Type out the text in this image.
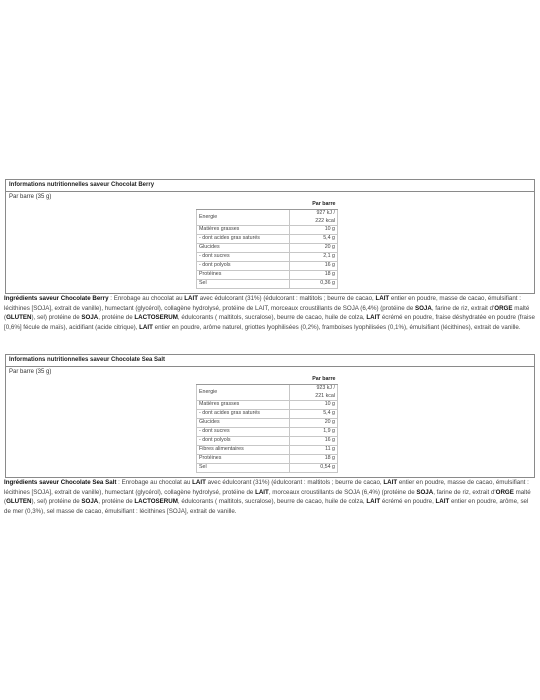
Informations nutritionnelles saveur Chocolat Berry
Par barre (35 g)
	Par barre
Energie	927 kJ /
222 kcal

Matières grasses	10 g
- dont acides gras saturés	5,4 g
Glucides	20 g
- dont sucres	2,1 g
- dont polyols	16 g
Protéines	18 g
Sel	0,36 g
Ingrédients saveur Chocolate Berry : Enrobage au chocolat au LAIT avec édulcorant (31%) (édulcorant : maltitols ; beurre de cacao, LAIT entier en poudre, masse de cacao, émulsifiant : lécithines [SOJA], extrait de vanille), humectant (glycérol), collagène hydrolysé, protéine de LAIT, morceaux croustillants de SOJA (6,4%) (protéine de SOJA, farine de riz, extrait d'ORGE malté (GLUTEN), sel) protéine de SOJA, protéine de LACTOSERUM, édulcorants ( maltitols, sucralose), beurre de cacao, huile de colza, LAIT écrémé en poudre, fraise déshydratée en poudre (fraise [0,6%] fécule de maïs), acidifiant (acide citrique), LAIT entier en poudre, arôme naturel, griottes lyophilisées (0,2%), framboises lyophilisées (0,1%), émulsifiant (lécithines), extrait de vanille.
Informations nutritionnelles saveur Chocolate Sea Salt
Par barre (35 g)
	Par barre
Energie	923 kJ /
221 kcal

Matières grasses	10 g
- dont acides gras saturés	5,4 g
Glucides	20 g
- dont sucres	1,9 g
- dont polyols	16 g
Fibres alimentaires	11 g
Protéines	18 g
Sel	0,54 g
Ingrédients saveur Chocolate Sea Salt : Enrobage au chocolat au LAIT avec édulcorant (31%) (édulcorant : maltitols ; beurre de cacao, LAIT entier en poudre, masse de cacao, émulsifiant : lécithines [SOJA], extrait de vanille), humectant (glycérol), collagène hydrolysé, protéine de LAIT, morceaux croustillants de SOJA (6,4%) (protéine de SOJA, farine de riz, extrait d'ORGE malté (GLUTEN), sel) protéine de SOJA, protéine de LACTOSERUM, édulcorants ( maltitols, sucralose), beurre de cacao, huile de colza, LAIT écrémé en poudre, LAIT entier en poudre, arôme, sel de mer (0,3%), sel masse de cacao, émulsifiant : lécithines [SOJA], extrait de vanille.
